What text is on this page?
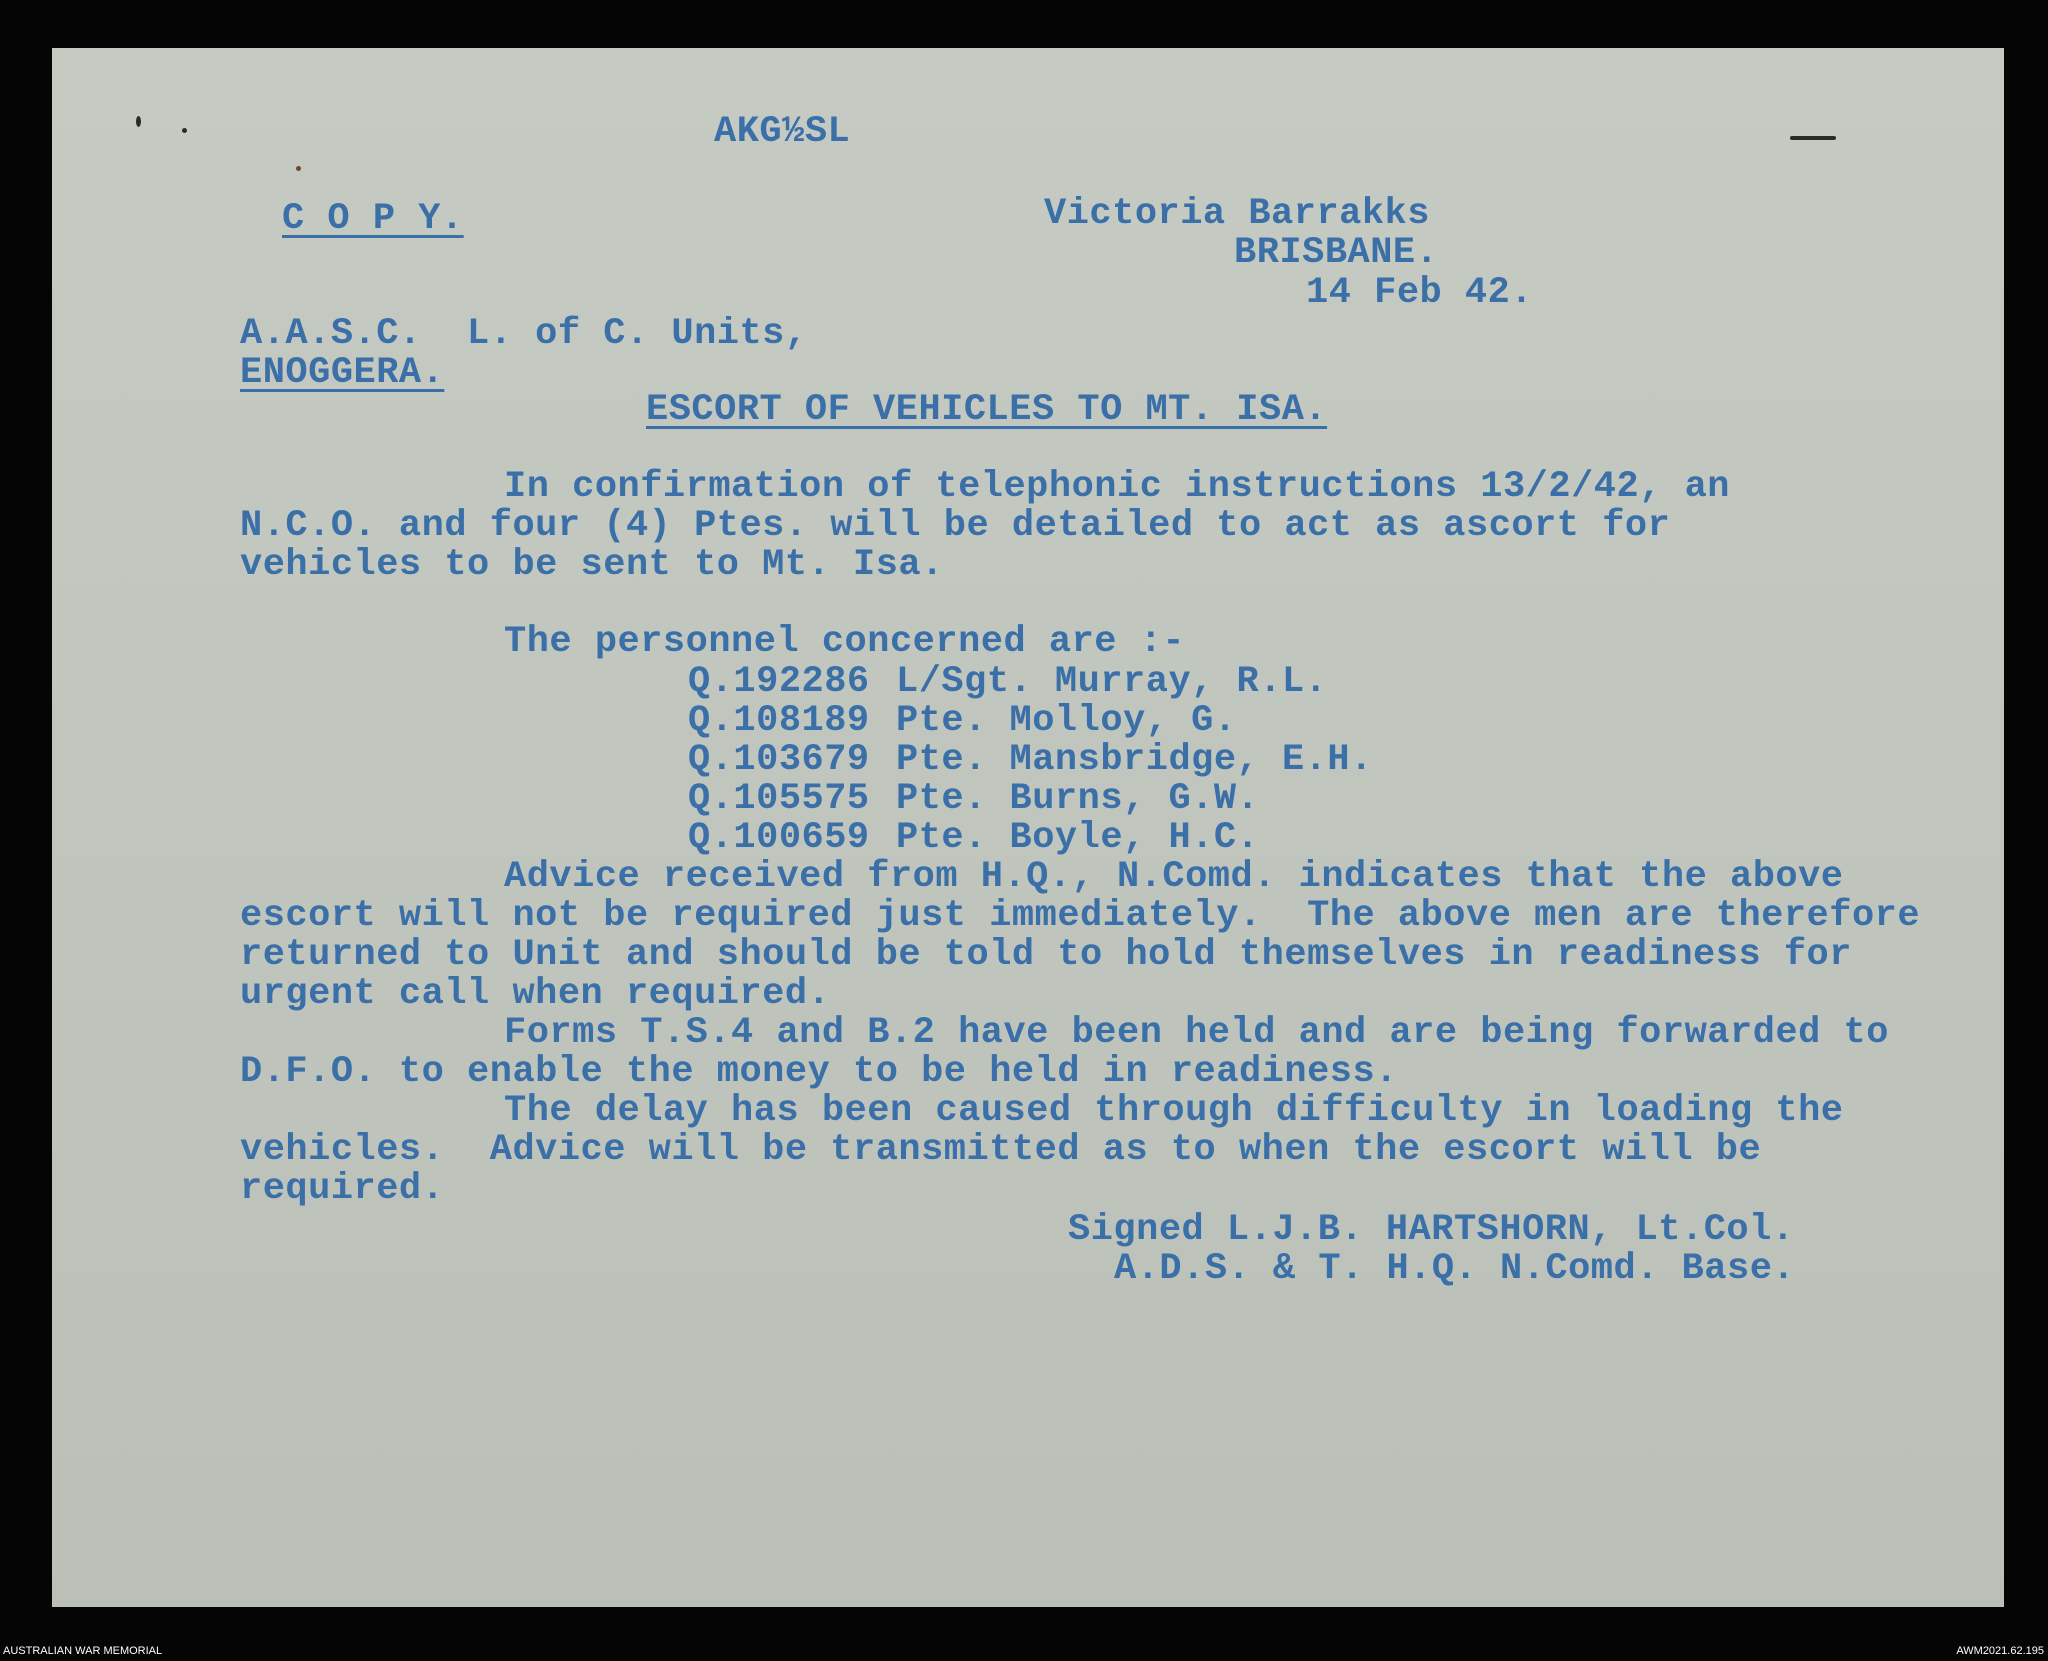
AKG½SL
C O P Y.	Victoria Barrakks
BRISBANE.
14 Feb 42.
A.A.S.C.  L. of C. Units,
ENOGGERA.
ESCORT OF VEHICLES TO MT. ISA.
In confirmation of telephonic instructions 13/2/42, an
N.C.O. and four (4) Ptes. will be detailed to act as ascort for
vehicles to be sent to Mt. Isa.
The personnel concerned are :-
Q.192286 L/Sgt. Murray, R.L.
Q.108189 Pte. Molloy, G.
Q.103679 Pte. Mansbridge, E.H.
Q.105575 Pte. Burns, G.W.
Q.100659 Pte. Boyle, H.C.
Advice received from H.Q., N.Comd. indicates that the above
escort will not be required just immediately.  The above men are therefore
returned to Unit and should be told to hold themselves in readiness for
urgent call when required.
Forms T.S.4 and B.2 have been held and are being forwarded to
D.F.O. to enable the money to be held in readiness.
The delay has been caused through difficulty in loading the
vehicles.  Advice will be transmitted as to when the escort will be
required.
Signed L.J.B. HARTSHORN, Lt.Col.
A.D.S. & T. H.Q. N.Comd. Base.
AUSTRALIAN WAR MEMORIAL	AWM2021.62.195
